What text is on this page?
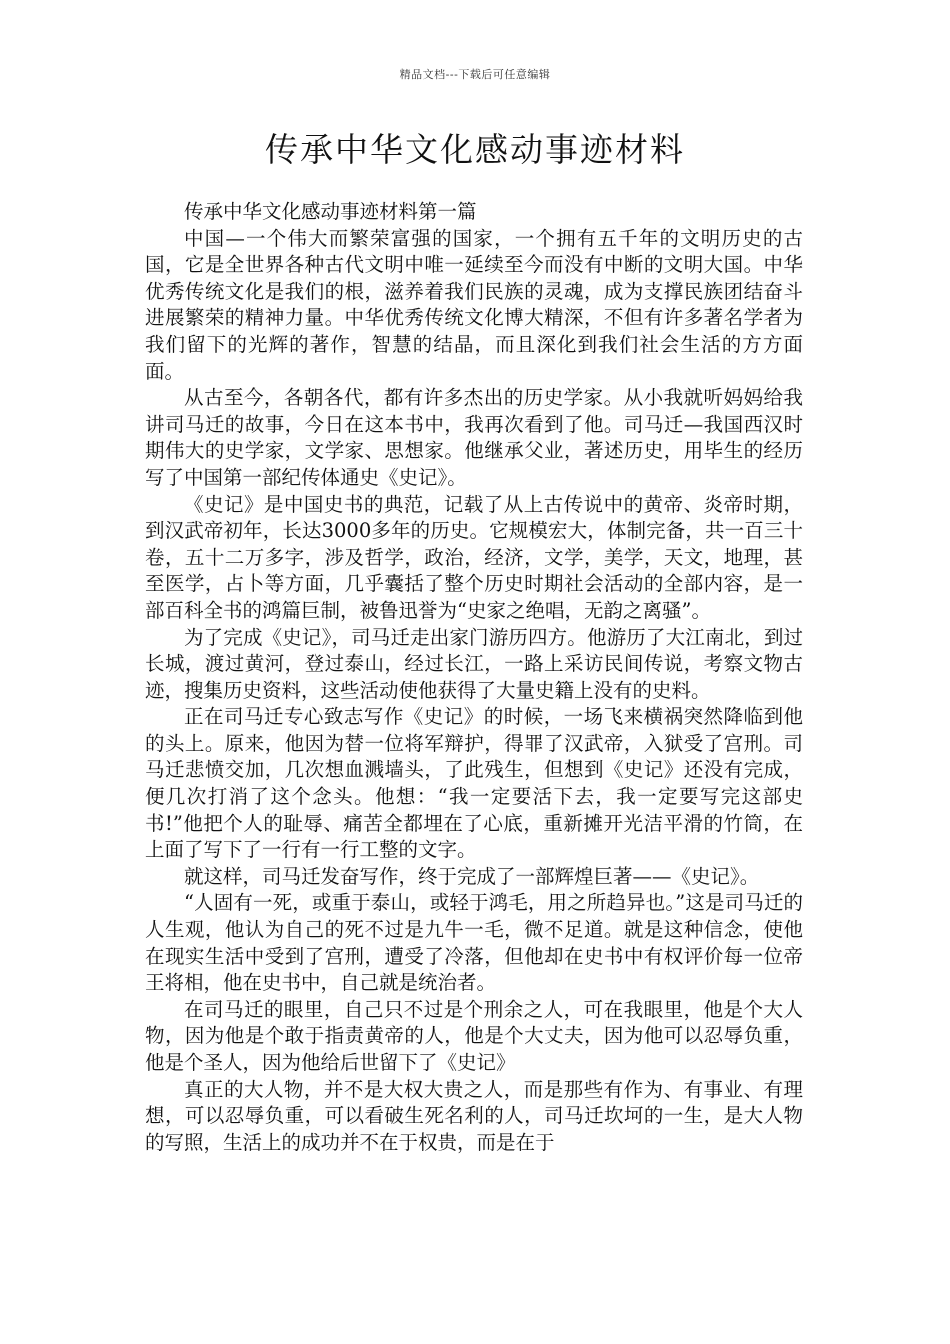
精品文档---下载后可任意编辑
传承中华文化感动事迹材料

传承中华文化感动事迹材料第一篇

中国—一个伟大而繁荣富强的国家，一个拥有五千年的文明历史的古国，它是全世界各种古代文明中唯一延续至今而没有中断的文明大国。中华优秀传统文化是我们的根，滋养着我们民族的灵魂，成为支撑民族团结奋斗进展繁荣的精神力量。中华优秀传统文化博大精深，不但有许多著名学者为我们留下的光辉的著作，智慧的结晶，而且深化到我们社会生活的方方面面。

从古至今，各朝各代，都有许多杰出的历史学家。从小我就听妈妈给我讲司马迁的故事，今日在这本书中，我再次看到了他。司马迁—我国西汉时期伟大的史学家，文学家、思想家。他继承父业，著述历史，用毕生的经历写了中国第一部纪传体通史《史记》。

《史记》是中国史书的典范，记载了从上古传说中的黄帝、炎帝时期，到汉武帝初年，长达3000多年的历史。它规模宏大，体制完备，共一百三十卷，五十二万多字，涉及哲学，政治，经济，文学，美学，天文，地理，甚至医学，占卜等方面，几乎囊括了整个历史时期社会活动的全部内容，是一部百科全书的鸿篇巨制，被鲁迅誉为“史家之绝唱，无韵之离骚”。

为了完成《史记》，司马迁走出家门游历四方。他游历了大江南北，到过长城，渡过黄河，登过泰山，经过长江，一路上采访民间传说，考察文物古迹，搜集历史资料，这些活动使他获得了大量史籍上没有的史料。

正在司马迁专心致志写作《史记》的时候，一场飞来横祸突然降临到他的头上。原来，他因为替一位将军辩护，得罪了汉武帝，入狱受了宫刑。司马迁悲愤交加，几次想血溅墙头，了此残生，但想到《史记》还没有完成，便几次打消了这个念头。他想：“我一定要活下去，我一定要写完这部史书!”他把个人的耻辱、痛苦全都埋在了心底，重新摊开光洁平滑的竹筒，在上面了写下了一行有一行工整的文字。

就这样，司马迁发奋写作，终于完成了一部辉煌巨著——《史记》。

“人固有一死，或重于泰山，或轻于鸿毛，用之所趋异也。”这是司马迁的人生观，他认为自己的死不过是九牛一毛，微不足道。就是这种信念，使他在现实生活中受到了宫刑，遭受了冷落，但他却在史书中有权评价每一位帝王将相，他在史书中，自己就是统治者。

在司马迁的眼里，自己只不过是个刑余之人，可在我眼里，他是个大人物，因为他是个敢于指责黄帝的人，他是个大丈夫，因为他可以忍辱负重，他是个圣人，因为他给后世留下了《史记》

真正的大人物，并不是大权大贵之人，而是那些有作为、有事业、有理想，可以忍辱负重，可以看破生死名利的人，司马迁坎坷的一生，是大人物的写照，生活上的成功并不在于权贵，而是在于
